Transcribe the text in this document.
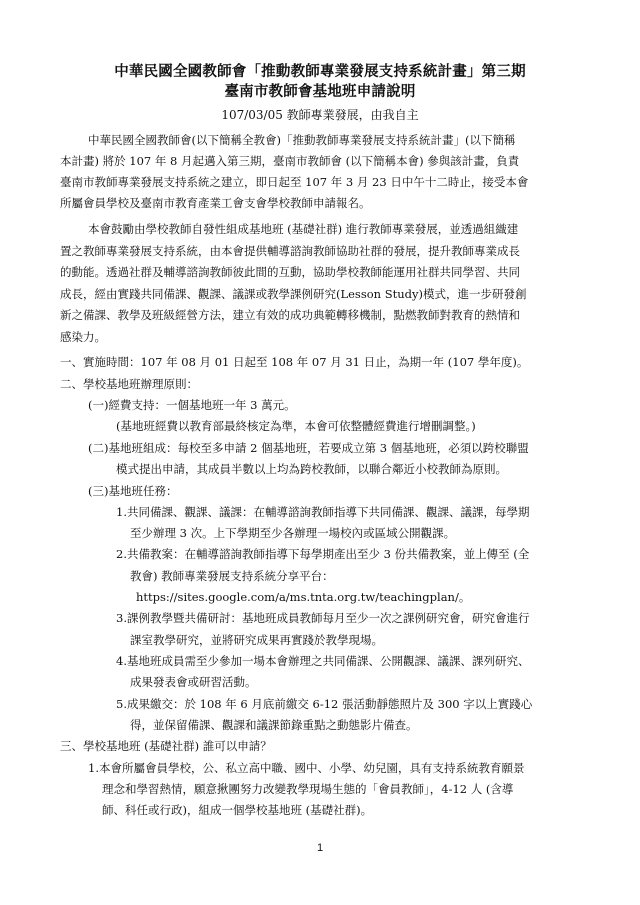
中華民國全國教師會「推動教師專業發展支持系統計畫」第三期
臺南市教師會基地班申請說明
107/03/05 教師專業發展，由我自主
中華民國全國教師會(以下簡稱全教會)「推動教師專業發展支持系統計畫」(以下簡稱
本計畫) 將於 107 年 8 月起邁入第三期，臺南市教師會 (以下簡稱本會) 參與該計畫，負責
臺南市教師專業發展支持系統之建立，即日起至 107 年 3 月 23 日中午十二時止，接受本會
所屬會員學校及臺南市教育產業工會支會學校教師申請報名。
本會鼓勵由學校教師自發性組成基地班 (基礎社群) 進行教師專業發展，並透過組織建
置之教師專業發展支持系統，由本會提供輔導諮詢教師協助社群的發展，提升教師專業成長
的動能。透過社群及輔導諮詢教師彼此間的互動，協助學校教師能運用社群共同學習、共同
成長，經由實踐共同備課、觀課、議課或教學課例研究(Lesson Study)模式，進一步研發創
新之備課、教學及班級經營方法，建立有效的成功典範轉移機制，點燃教師對教育的熱情和
感染力。
一、實施時間：107 年 08 月 01 日起至 108 年 07 月 31 日止，為期一年 (107 學年度)。
二、學校基地班辦理原則：
(一)經費支持：一個基地班一年 3 萬元。
(基地班經費以教育部最終核定為準，本會可依整體經費進行增刪調整。)
(二)基地班組成：每校至多申請 2 個基地班，若要成立第 3 個基地班，必須以跨校聯盟
模式提出申請，其成員半數以上均為跨校教師，以聯合鄰近小校教師為原則。
(三)基地班任務：
1.共同備課、觀課、議課：在輔導諮詢教師指導下共同備課、觀課、議課，每學期
至少辦理 3 次。上下學期至少各辦理一場校內或區域公開觀課。
2.共備教案：在輔導諮詢教師指導下每學期產出至少 3 份共備教案，並上傳至 (全
教會) 教師專業發展支持系統分享平台：
https://sites.google.com/a/ms.tnta.org.tw/teachingplan/。
3.課例教學暨共備研討：基地班成員教師每月至少一次之課例研究會，研究會進行
課室教學研究，並將研究成果再實踐於教學現場。
4.基地班成員需至少參加一場本會辦理之共同備課、公開觀課、議課、課列研究、
成果發表會或研習活動。
5.成果繳交：於 108 年 6 月底前繳交 6-12 張活動靜態照片及 300 字以上實踐心
得，並保留備課、觀課和議課節錄重點之動態影片備查。
三、學校基地班 (基礎社群) 誰可以申請？
1.本會所屬會員學校，公、私立高中職、國中、小學、幼兒園，具有支持系統教育願景
理念和學習熱情，願意揪團努力改變教學現場生態的「會員教師」，4-12 人 (含導
師、科任或行政)，組成一個學校基地班 (基礎社群)。
1
